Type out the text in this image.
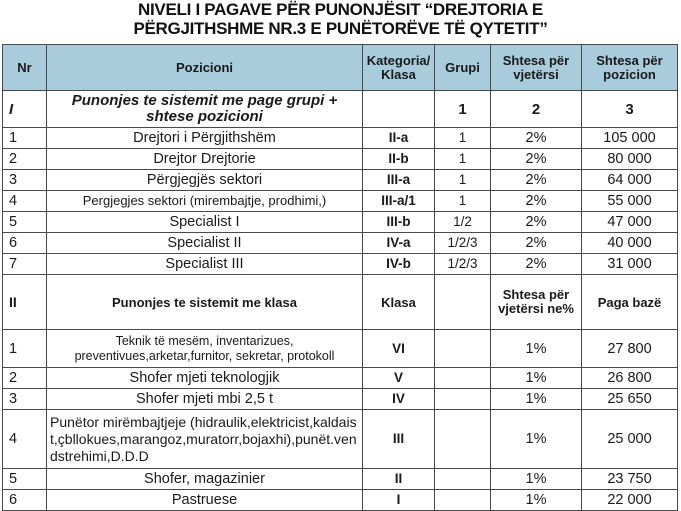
NIVELI I PAGAVE PËR PUNONJËSIT “DREJTORIA E
PËRGJITHSHME NR.3 E PUNËTORËVE TË QYTETIT”
Nr	Pozicioni	Kategoria/ Klasa	Grupi	Shtesa për vjetërsi	Shtesa për pozicion
I	Punonjes te sistemit me page grupi + shtese pozicioni		1	2	3
1	Drejtori i Përgjithshëm	II-a	1	2%	105 000
2	Drejtor Drejtorie	II-b	1	2%	80 000
3	Përgjegjës sektori	III-a	1	2%	64 000
4	Pergjegjes sektori (mirembajtje, prodhimi,)	III-a/1	1	2%	55 000
5	Specialist I	III-b	1/2	2%	47 000
6	Specialist II	IV-a	1/2/3	2%	40 000
7	Specialist III	IV-b	1/2/3	2%	31 000
II	Punonjes te sistemit me klasa	Klasa		Shtesa për vjetërsi ne%	Paga bazë
1	Teknik të mesëm, inventarizues, preventivues,arketar,furnitor, sekretar, protokoll	VI		1%	27 800
2	Shofer mjeti teknologjik	V		1%	26 800
3	Shofer mjeti mbi 2,5 t	IV		1%	25 650
4	Punëtor mirëmbajtjeje (hidraulik,elektricist,kaldaist,çbllokues,marangoz,muratorr,bojaxhi),punët.vendstrehimi,D.D.D	III		1%	25 000
5	Shofer, magazinier	II		1%	23 750
6	Pastruese	I		1%	22 000
